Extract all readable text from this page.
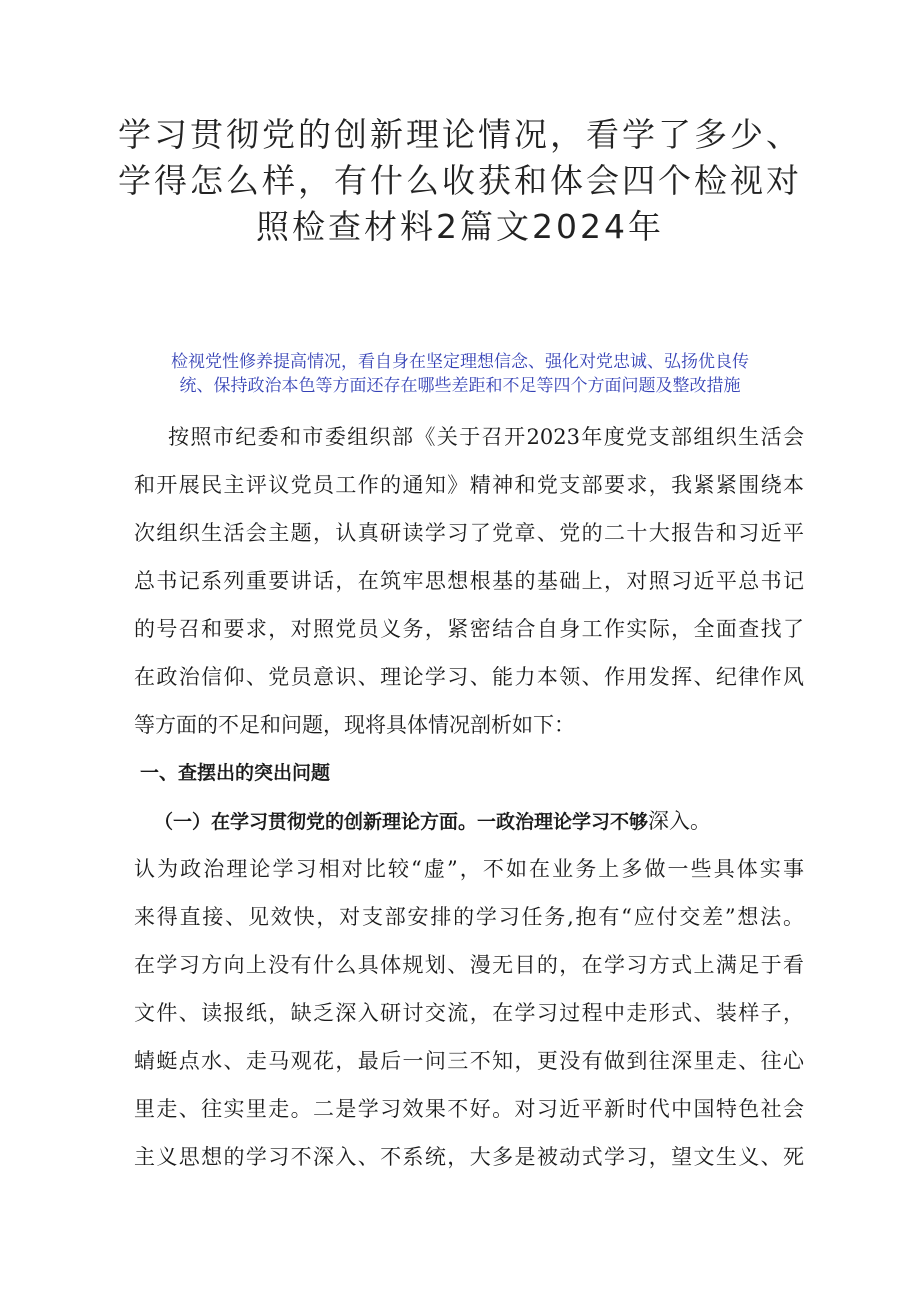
学习贯彻党的创新理论情况，看学了多少、
学得怎么样，有什么收获和体会四个检视对
照检查材料2篇文2024年
检视党性修养提高情况，看自身在坚定理想信念、强化对党忠诚、弘扬优良传
统、保持政治本色等方面还存在哪些差距和不足等四个方面问题及整改措施
按照市纪委和市委组织部《关于召开2023年度党支部组织生活会
和开展民主评议党员工作的通知》精神和党支部要求，我紧紧围绕本
次组织生活会主题，认真研读学习了党章、党的二十大报告和习近平
总书记系列重要讲话，在筑牢思想根基的基础上，对照习近平总书记
的号召和要求，对照党员义务，紧密结合自身工作实际，全面查找了
在政治信仰、党员意识、理论学习、能力本领、作用发挥、纪律作风
等方面的不足和问题，现将具体情况剖析如下：
一、查摆出的突出问题
（一）在学习贯彻党的创新理论方面。一政治理论学习不够深入。
认为政治理论学习相对比较“虚”，不如在业务上多做一些具体实事
来得直接、见效快，对支部安排的学习任务,抱有“应付交差”想法。
在学习方向上没有什么具体规划、漫无目的，在学习方式上满足于看
文件、读报纸，缺乏深入研讨交流，在学习过程中走形式、装样子，
蜻蜓点水、走马观花，最后一问三不知，更没有做到往深里走、往心
里走、往实里走。二是学习效果不好。对习近平新时代中国特色社会
主义思想的学习不深入、不系统，大多是被动式学习，望文生义、死
